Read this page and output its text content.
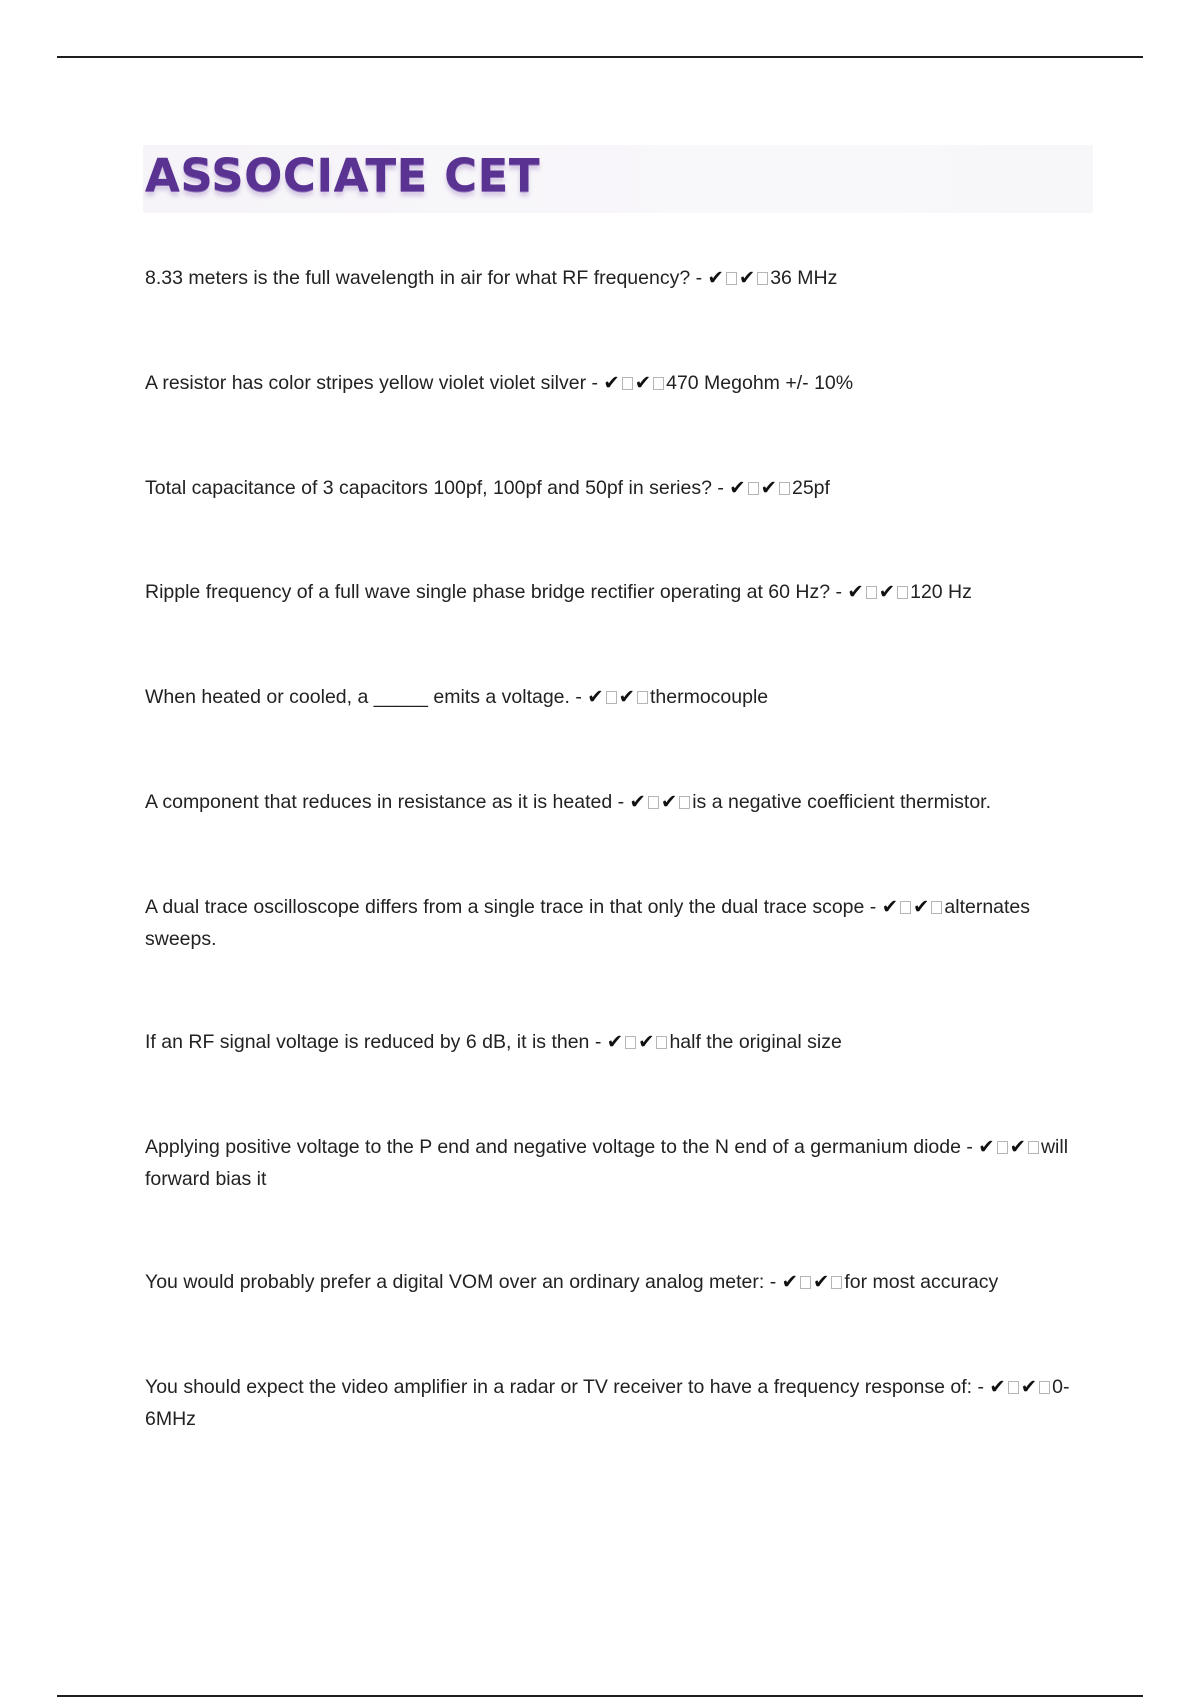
ASSOCIATE CET
8.33 meters is the full wavelength in air for what RF frequency? - ✔ ✔ 36 MHz
A resistor has color stripes yellow violet violet silver - ✔ ✔ 470 Megohm +/- 10%
Total capacitance of 3 capacitors 100pf, 100pf and 50pf in series? - ✔ ✔ 25pf
Ripple frequency of a full wave single phase bridge rectifier operating at 60 Hz? - ✔ ✔ 120 Hz
When heated or cooled, a _____ emits a voltage. - ✔ ✔ thermocouple
A component that reduces in resistance as it is heated - ✔ ✔ is a negative coefficient thermistor.
A dual trace oscilloscope differs from a single trace in that only the dual trace scope - ✔ ✔ alternates sweeps.
If an RF signal voltage is reduced by 6 dB, it is then - ✔ ✔ half the original size
Applying positive voltage to the P end and negative voltage to the N end of a germanium diode - ✔ ✔ will forward bias it
You would probably prefer a digital VOM over an ordinary analog meter: - ✔ ✔ for most accuracy
You should expect the video amplifier in a radar or TV receiver to have a frequency response of: - ✔ ✔ 0-6MHz
